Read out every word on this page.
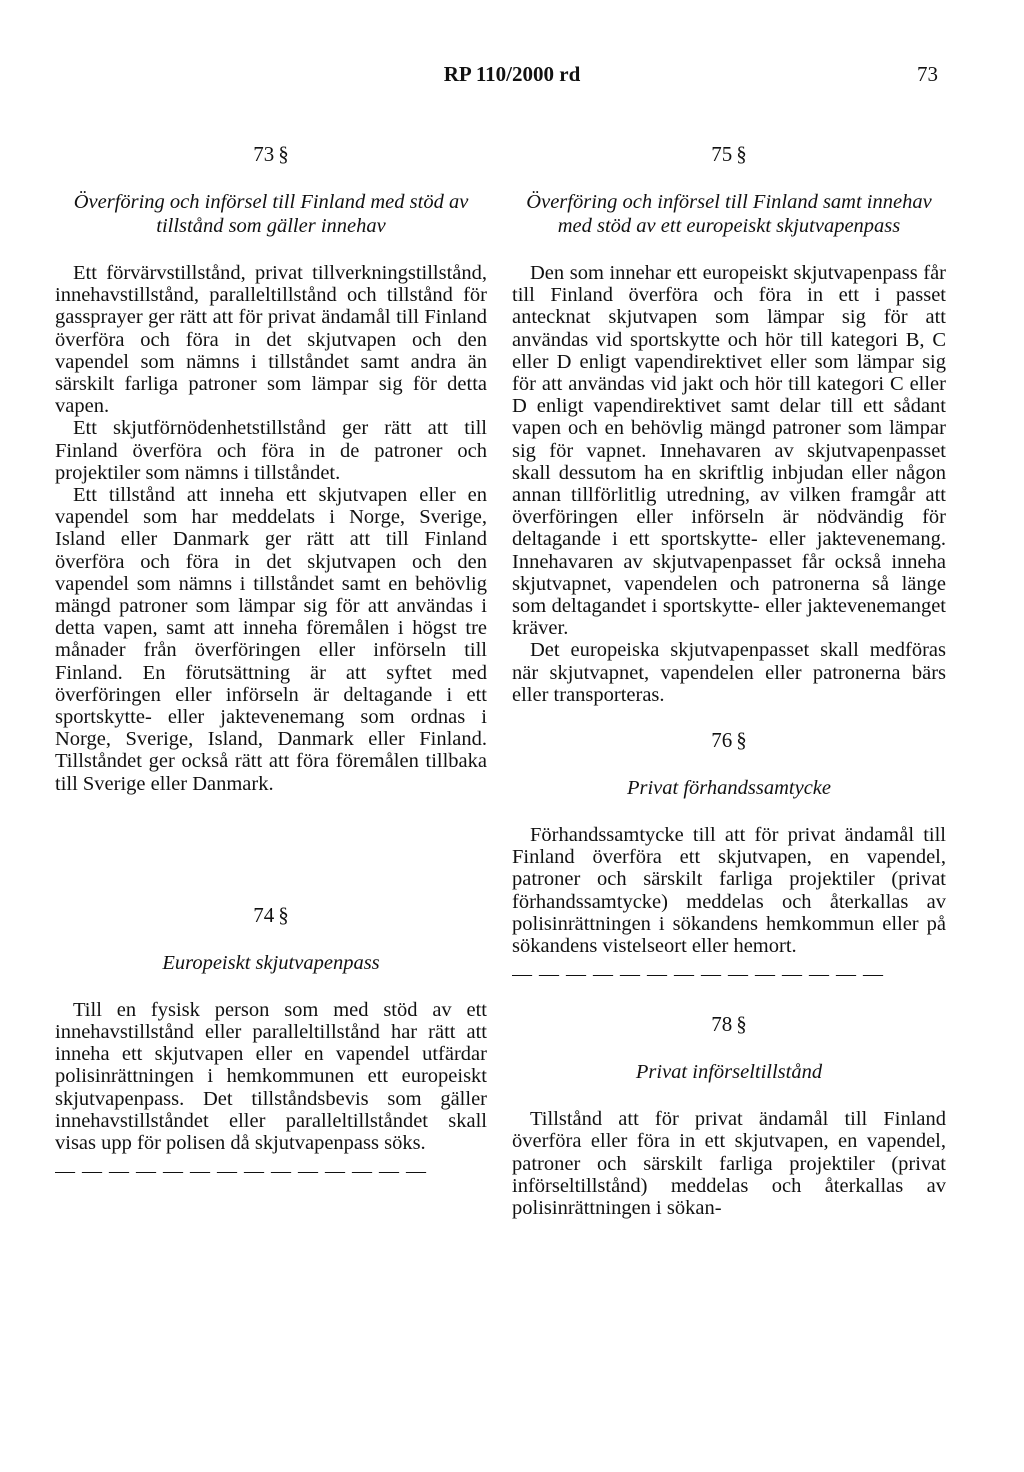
RP 110/2000 rd	73

73 §

Överföring och införsel till Finland med stöd av tillstånd som gäller innehav

Ett förvärvstillstånd, privat tillverkningstillstånd, innehavstillstånd, paralleltillstånd och tillstånd för gassprayer ger rätt att för privat ändamål till Finland överföra och föra in det skjutvapen och den vapendel som nämns i tillståndet samt andra än särskilt farliga patroner som lämpar sig för detta vapen.

Ett skjutförnödenhetstillstånd ger rätt att till Finland överföra och föra in de patroner och projektiler som nämns i tillståndet.

Ett tillstånd att inneha ett skjutvapen eller en vapendel som har meddelats i Norge, Sverige, Island eller Danmark ger rätt att till Finland överföra och föra in det skjutvapen och den vapendel som nämns i tillståndet samt en behövlig mängd patroner som lämpar sig för att användas i detta vapen, samt att inneha föremålen i högst tre månader från överföringen eller införseln till Finland. En förutsättning är att syftet med överföringen eller införseln är deltagande i ett sportskytte- eller jaktevenemang som ordnas i Norge, Sverige, Island, Danmark eller Finland. Tillståndet ger också rätt att föra föremålen tillbaka till Sverige eller Danmark.

74 §

Europeiskt skjutvapenpass

Till en fysisk person som med stöd av ett innehavstillstånd eller paralleltillstånd har rätt att inneha ett skjutvapen eller en vapendel utfärdar polisinrättningen i hemkommunen ett europeiskt skjutvapenpass. Det tillståndsbevis som gäller innehavstillståndet eller paralleltillståndet skall visas upp för polisen då skjutvapenpass söks.

— — — — — — — — — — — — — —

75 §

Överföring och införsel till Finland samt innehav med stöd av ett europeiskt skjutvapenpass

Den som innehar ett europeiskt skjutvapenpass får till Finland överföra och föra in ett i passet antecknat skjutvapen som lämpar sig för att användas vid sportskytte och hör till kategori B, C eller D enligt vapendirektivet eller som lämpar sig för att användas vid jakt och hör till kategori C eller D enligt vapendirektivet samt delar till ett sådant vapen och en behövlig mängd patroner som lämpar sig för vapnet. Innehavaren av skjutvapenpasset skall dessutom ha en skriftlig inbjudan eller någon annan tillförlitlig utredning, av vilken framgår att överföringen eller införseln är nödvändig för deltagande i ett sportskytte- eller jaktevenemang. Innehavaren av skjutvapenpasset får också inneha skjutvapnet, vapendelen och patronerna så länge som deltagandet i sportskytte- eller jaktevenemanget kräver.

Det europeiska skjutvapenpasset skall medföras när skjutvapnet, vapendelen eller patronerna bärs eller transporteras.

76 §

Privat förhandssamtycke

Förhandssamtycke till att för privat ändamål till Finland överföra ett skjutvapen, en vapendel, patroner och särskilt farliga projektiler (privat förhandssamtycke) meddelas och återkallas av polisinrättningen i sökandens hemkommun eller på sökandens vistelseort eller hemort.

— — — — — — — — — — — — — —

78 §

Privat införseltillstånd

Tillstånd att för privat ändamål till Finland överföra eller föra in ett skjutvapen, en vapendel, patroner och särskilt farliga projektiler (privat införseltillstånd) meddelas och återkallas av polisinrättningen i sökan-
